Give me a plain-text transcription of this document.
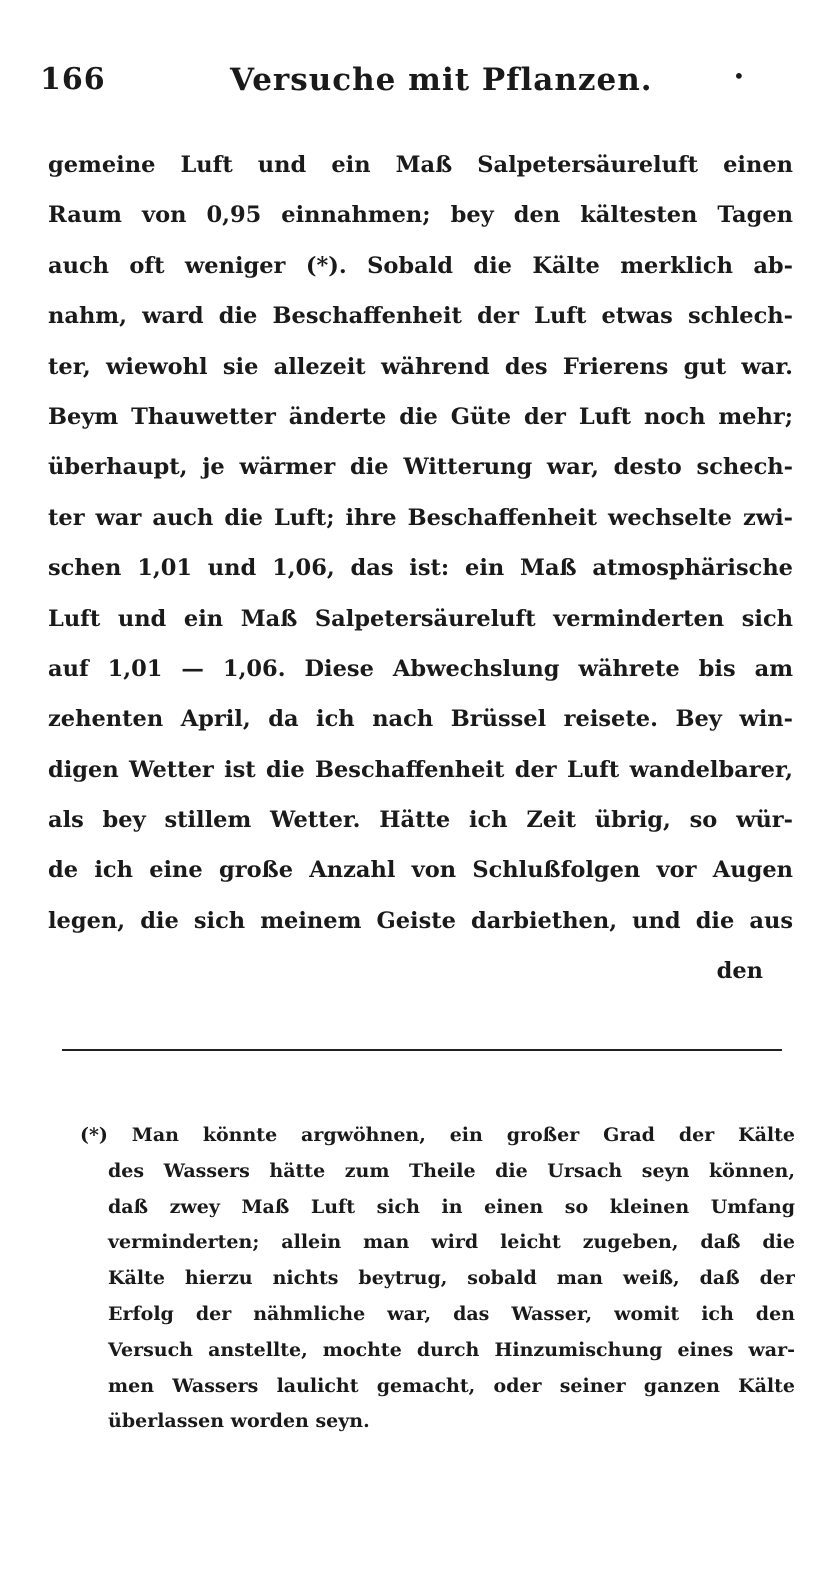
166	Versuche mit Pflanzen.	•
gemeine Luft und ein Maß Salpetersäureluft einen
Raum von 0,95 einnahmen; bey den kältesten Tagen
auch oft weniger (*). Sobald die Kälte merklich ab-
nahm, ward die Beschaffenheit der Luft etwas schlech-
ter, wiewohl sie allezeit während des Frierens gut war.
Beym Thauwetter änderte die Güte der Luft noch mehr;
überhaupt, je wärmer die Witterung war, desto schech-
ter war auch die Luft; ihre Beschaffenheit wechselte zwi-
schen 1,01 und 1,06, das ist: ein Maß atmosphärische
Luft und ein Maß Salpetersäureluft verminderten sich
auf 1,01 — 1,06. Diese Abwechslung währete bis am
zehenten April, da ich nach Brüssel reisete. Bey win-
digen Wetter ist die Beschaffenheit der Luft wandelbarer,
als bey stillem Wetter. Hätte ich Zeit übrig, so wür-
de ich eine große Anzahl von Schlußfolgen vor Augen
legen, die sich meinem Geiste darbiethen, und die aus
den
(*) Man könnte argwöhnen, ein großer Grad der Kälte
des Wassers hätte zum Theile die Ursach seyn können,
daß zwey Maß Luft sich in einen so kleinen Umfang
verminderten; allein man wird leicht zugeben, daß die
Kälte hierzu nichts beytrug, sobald man weiß, daß der
Erfolg der nähmliche war, das Wasser, womit ich den
Versuch anstellte, mochte durch Hinzumischung eines war-
men Wassers laulicht gemacht, oder seiner ganzen Kälte
überlassen worden seyn.
